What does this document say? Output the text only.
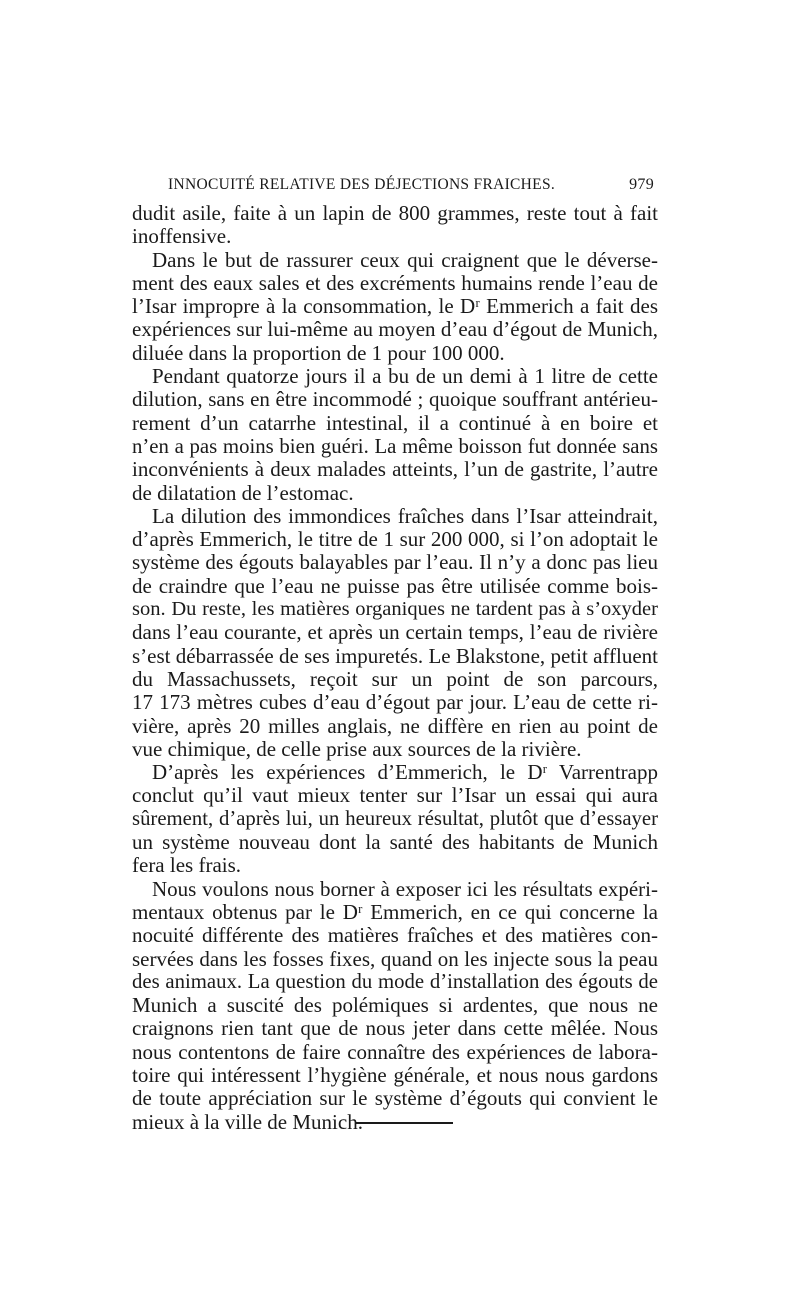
INNOCUITÉ RELATIVE DES DÉJECTIONS FRAICHES.	979
dudit asile, faite à un lapin de 800 grammes, reste tout à fait
inoffensive.
Dans le but de rassurer ceux qui craignent que le déverse-
ment des eaux sales et des excréments humains rende l’eau de
l’Isar impropre à la consommation, le Dʳ Emmerich a fait des
expériences sur lui-même au moyen d’eau d’égout de Munich,
diluée dans la proportion de 1 pour 100 000.
Pendant quatorze jours il a bu de un demi à 1 litre de cette
dilution, sans en être incommodé ; quoique souffrant antérieu-
rement d’un catarrhe intestinal, il a continué à en boire et
n’en a pas moins bien guéri. La même boisson fut donnée sans
inconvénients à deux malades atteints, l’un de gastrite, l’autre
de dilatation de l’estomac.
La dilution des immondices fraîches dans l’Isar atteindrait,
d’après Emmerich, le titre de 1 sur 200 000, si l’on adoptait le
système des égouts balayables par l’eau. Il n’y a donc pas lieu
de craindre que l’eau ne puisse pas être utilisée comme bois-
son. Du reste, les matières organiques ne tardent pas à s’oxyder
dans l’eau courante, et après un certain temps, l’eau de rivière
s’est débarrassée de ses impuretés. Le Blakstone, petit affluent
du Massachussets, reçoit sur un point de son parcours,
17 173 mètres cubes d’eau d’égout par jour. L’eau de cette ri-
vière, après 20 milles anglais, ne diffère en rien au point de
vue chimique, de celle prise aux sources de la rivière.
D’après les expériences d’Emmerich, le Dʳ Varrentrapp
conclut qu’il vaut mieux tenter sur l’Isar un essai qui aura
sûrement, d’après lui, un heureux résultat, plutôt que d’essayer
un système nouveau dont la santé des habitants de Munich
fera les frais.
Nous voulons nous borner à exposer ici les résultats expéri-
mentaux obtenus par le Dʳ Emmerich, en ce qui concerne la
nocuité différente des matières fraîches et des matières con-
servées dans les fosses fixes, quand on les injecte sous la peau
des animaux. La question du mode d’installation des égouts de
Munich a suscité des polémiques si ardentes, que nous ne
craignons rien tant que de nous jeter dans cette mêlée. Nous
nous contentons de faire connaître des expériences de labora-
toire qui intéressent l’hygiène générale, et nous nous gardons
de toute appréciation sur le système d’égouts qui convient le
mieux à la ville de Munich.
